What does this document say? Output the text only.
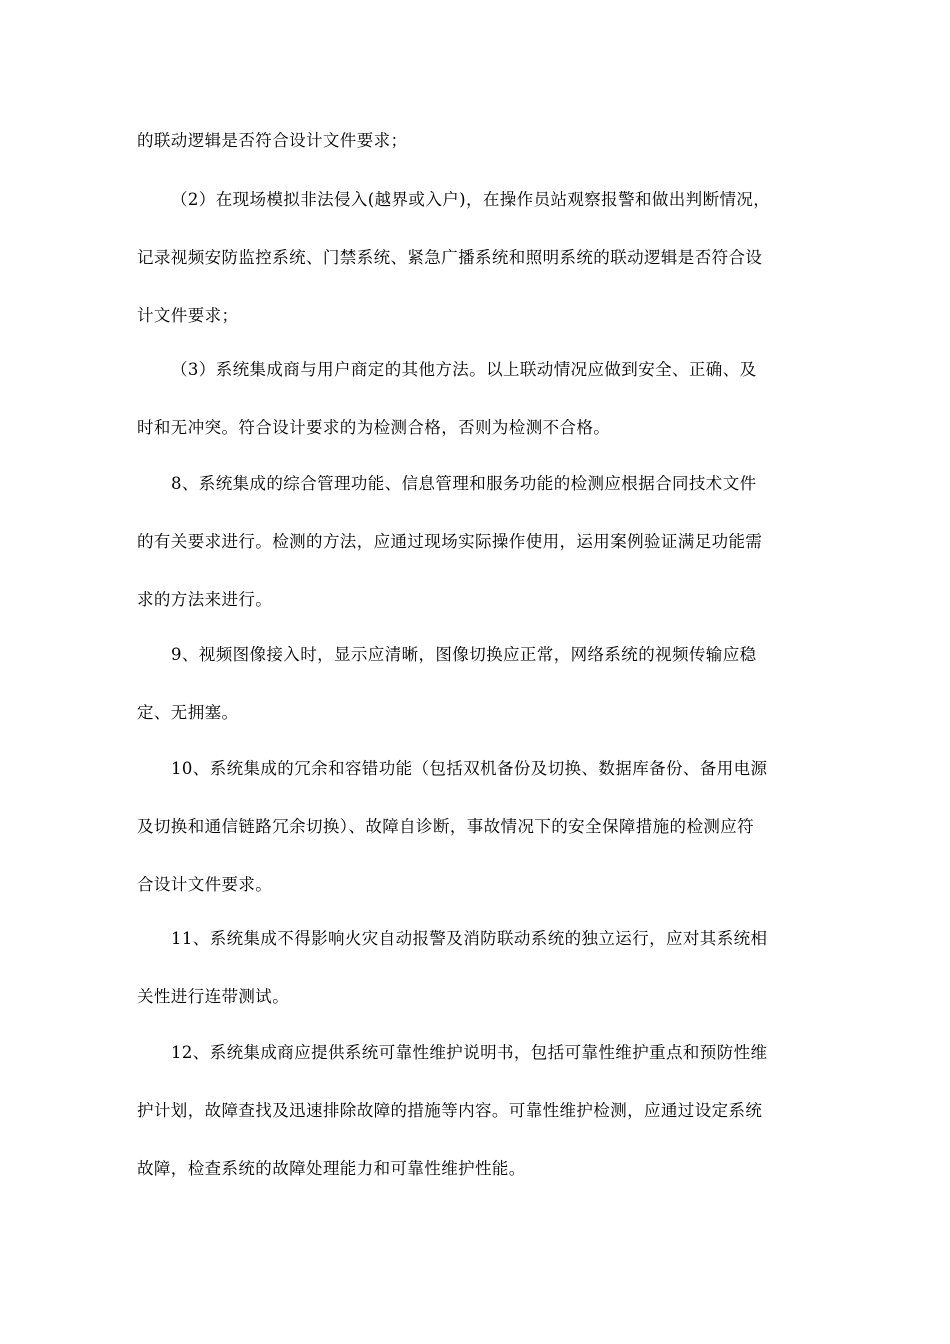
的联动逻辑是否符合设计文件要求；

（2）在现场模拟非法侵入(越界或入户)，在操作员站观察报警和做出判断情况，
记录视频安防监控系统、门禁系统、紧急广播系统和照明系统的联动逻辑是否符合设
计文件要求；

（3）系统集成商与用户商定的其他方法。以上联动情况应做到安全、正确、及
时和无冲突。符合设计要求的为检测合格，否则为检测不合格。

8、系统集成的综合管理功能、信息管理和服务功能的检测应根据合同技术文件
的有关要求进行。检测的方法，应通过现场实际操作使用，运用案例验证满足功能需
求的方法来进行。

9、视频图像接入时，显示应清晰，图像切换应正常，网络系统的视频传输应稳
定、无拥塞。

10、系统集成的冗余和容错功能（包括双机备份及切换、数据库备份、备用电源
及切换和通信链路冗余切换）、故障自诊断，事故情况下的安全保障措施的检测应符
合设计文件要求。

11、系统集成不得影响火灾自动报警及消防联动系统的独立运行，应对其系统相
关性进行连带测试。

12、系统集成商应提供系统可靠性维护说明书，包括可靠性维护重点和预防性维
护计划，故障查找及迅速排除故障的措施等内容。可靠性维护检测，应通过设定系统
故障，检查系统的故障处理能力和可靠性维护性能。
